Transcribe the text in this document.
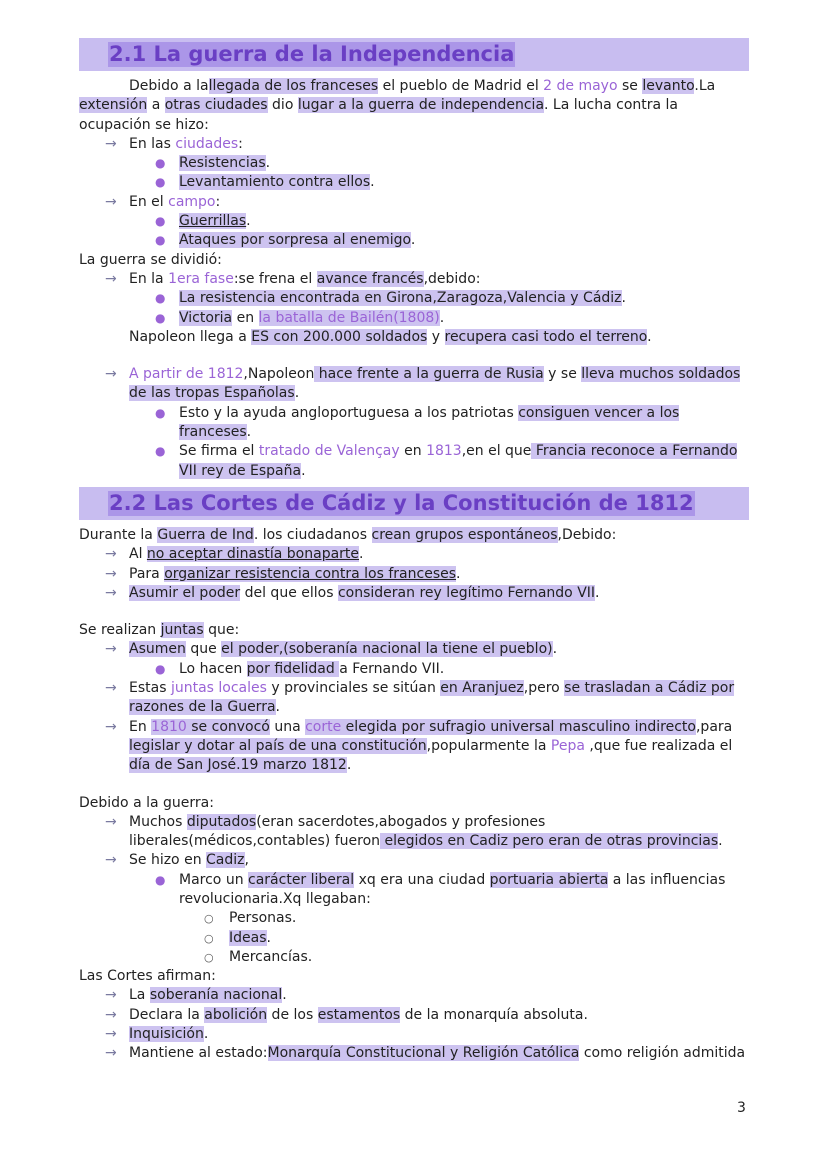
2.1 La guerra de la Independencia

Debido a lallegada de los franceses el pueblo de Madrid el 2 de mayo se levanto.La extensión a otras ciudades dio lugar a la guerra de independencia. La lucha contra la ocupación se hizo:

→ En las ciudades:
● Resistencias.
● Levantamiento contra ellos.
→ En el campo:
● Guerrillas.
● Ataques por sorpresa al enemigo.

La guerra se dividió:

→ En la 1era fase:se frena el avance francés,debido:
● La resistencia encontrada en Girona,Zaragoza,Valencia y Cádiz.
● Victoria en la batalla de Bailén(1808).
Napoleon llega a ES con 200.000 soldados y recupera casi todo el terreno.
→ A partir de 1812,Napoleon hace frente a la guerra de Rusia y se lleva muchos soldados de las tropas Españolas.
● Esto y la ayuda angloportuguesa a los patriotas consiguen vencer a los franceses.
● Se firma el tratado de Valençay en 1813,en el que Francia reconoce a Fernando VII rey de España.
2.2 Las Cortes de Cádiz y la Constitución de 1812

Durante la Guerra de Ind. los ciudadanos crean grupos espontáneos,Debido:

→ Al no aceptar dinastía bonaparte.
→ Para organizar resistencia contra los franceses.
→ Asumir el poder del que ellos consideran rey legítimo Fernando VII.

Se realizan juntas que:

→ Asumen que el poder,(soberanía nacional la tiene el pueblo).
● Lo hacen por fidelidad a Fernando VII.
→ Estas juntas locales y provinciales se sitúan en Aranjuez,pero se trasladan a Cádiz por razones de la Guerra.
→ En 1810 se convocó una corte elegida por sufragio universal masculino indirecto,para legislar y dotar al país de una constitución,popularmente la Pepa ,que fue realizada el día de San José.19 marzo 1812.

Debido a la guerra:

→ Muchos diputados(eran sacerdotes,abogados y profesiones liberales(médicos,contables) fueron elegidos en Cadiz pero eran de otras provincias.
→ Se hizo en Cadiz,
● Marco un carácter liberal xq era una ciudad portuaria abierta a las influencias revolucionaria.Xq llegaban:
○ Personas.
○ Ideas.
○ Mercancías.

Las Cortes afirman:

→ La soberanía nacional.
→ Declara la abolición de los estamentos de la monarquía absoluta.
→ Inquisición.
→ Mantiene al estado:Monarquía Constitucional y Religión Católica como religión admitida
3
